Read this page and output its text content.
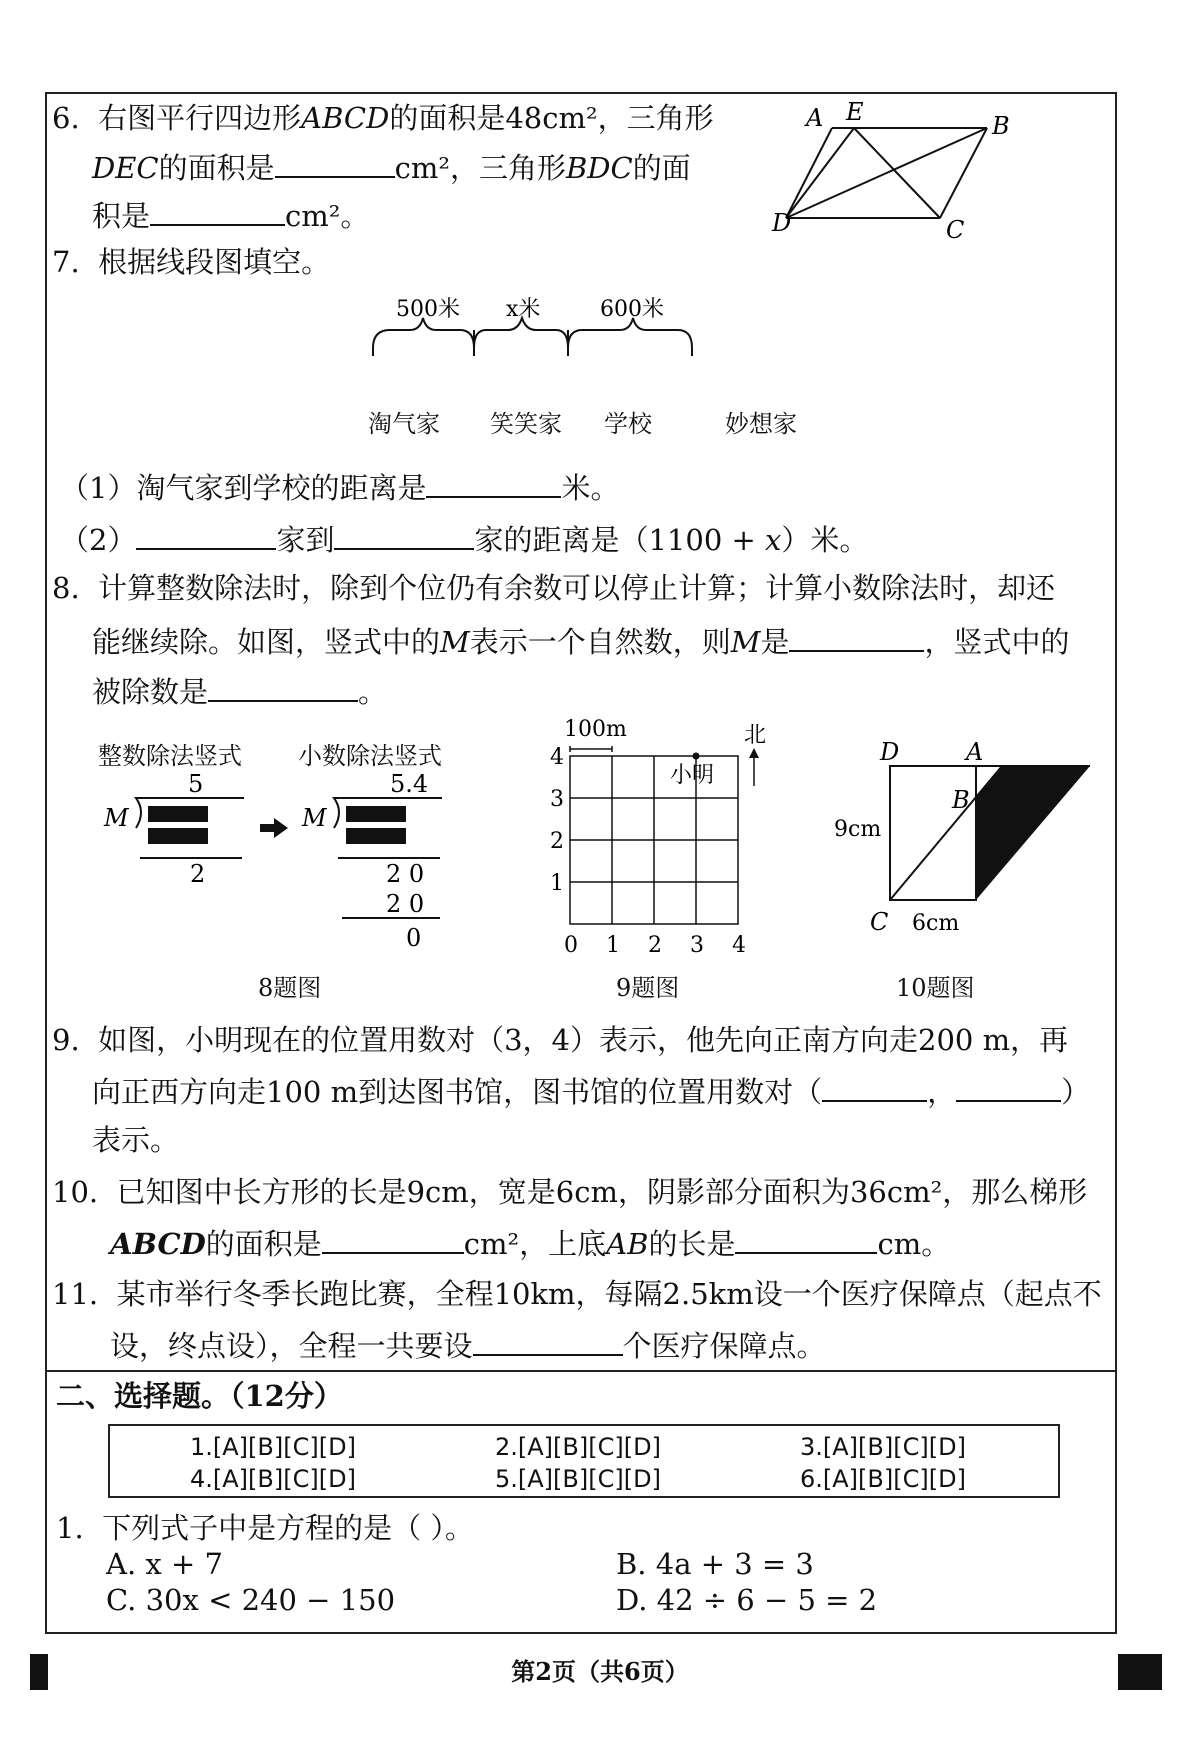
6. 右图平行四边形ABCD的面积是48cm²，三角形
DEC的面积是	cm²，三角形BDC的面
积是	cm²。	D
A E	B
C
7. 根据线段图填空。
500米 x米	600米
淘气家 笑笑家 学校	妙想家
（1）淘气家到学校的距离是	米。
（2）	家到	家的距离是（1100 + x）米。
8. 计算整数除法时，除到个位仍有余数可以停止计算；计算小数除法时，却还
能继续除。如图，竖式中的M表示一个自然数，则M是	，竖式中的
被除数是	。
整数除法竖式 小数除法竖式
5	5.4
M	M
2	2 0
2 0
0
8题图
100m	北
小明
4
3
2
1
0 1 2 3 4
9题图
D	A
B
C
9cm
6cm
10题图
9. 如图，小明现在的位置用数对（3，4）表示，他先向正南方向走200 m，再
向正西方向走100 m到达图书馆，图书馆的位置用数对（	，	）
表示。
10. 已知图中长方形的长是9cm，宽是6cm，阴影部分面积为36cm²，那么梯形
ABCD的面积是	cm²，上底AB的长是	cm。
11. 某市举行冬季长跑比赛，全程10km，每隔2.5km设一个医疗保障点（起点不
设，终点设），全程一共要设	个医疗保障点。
二、选择题。（12分）
1.[A][B][C][D]	2.[A][B][C][D]	3.[A][B][C][D]
4.[A][B][C][D]	5.[A][B][C][D]	6.[A][B][C][D]
1. 下列式子中是方程的是（ ）。
A. x + 7	B. 4a + 3 = 3
C. 30x < 240 − 150	D. 42 ÷ 6 − 5 = 2
第2页（共6页）
